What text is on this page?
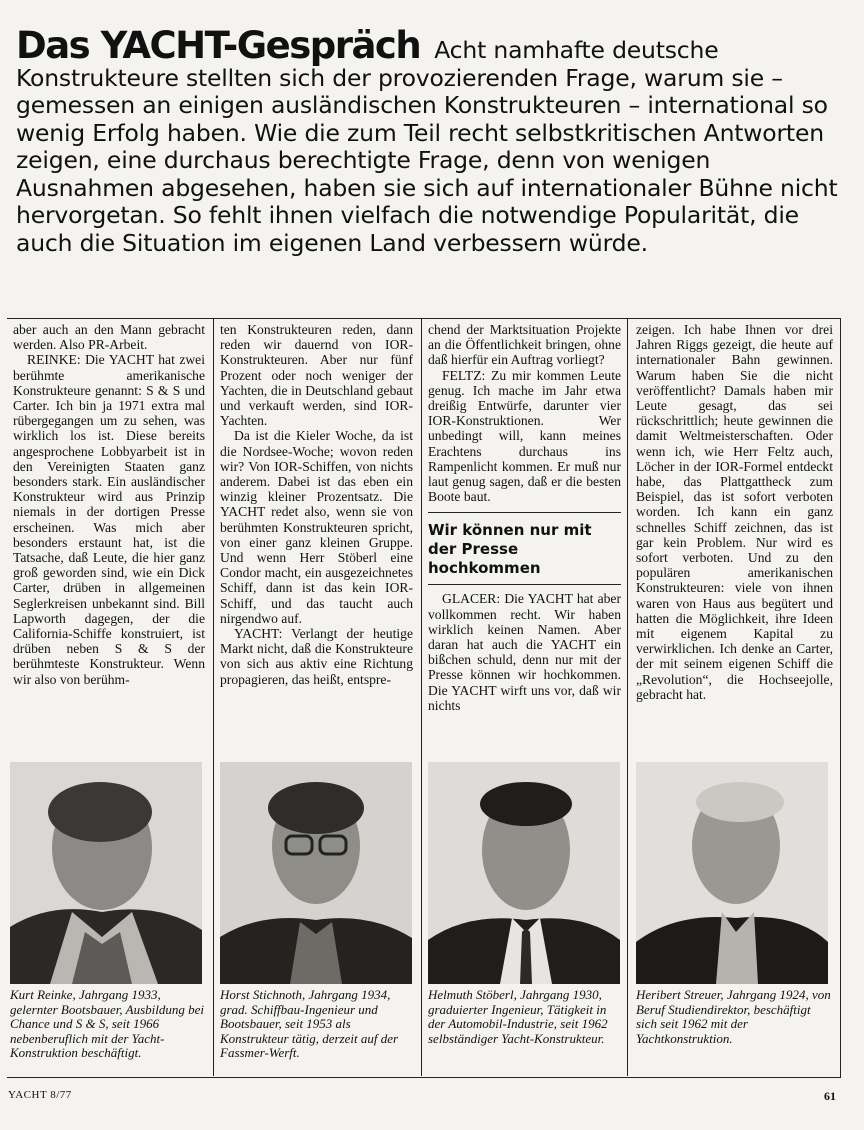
Das YACHT-Gespräch Acht namhafte deutsche Konstrukteure stellten sich der provozierenden Frage, warum sie – gemessen an einigen ausländischen Konstrukteuren – international so wenig Erfolg haben. Wie die zum Teil recht selbstkritischen Antworten zeigen, eine durchaus berechtigte Frage, denn von wenigen Ausnahmen abgesehen, haben sie sich auf internationaler Bühne nicht hervorgetan. So fehlt ihnen vielfach die notwendige Popularität, die auch die Situation im eigenen Land verbessern würde.

aber auch an den Mann gebracht werden. Also PR-Arbeit.

REINKE: Die YACHT hat zwei berühmte amerikanische Konstrukteure genannt: S & S und Carter. Ich bin ja 1971 extra mal rübergegangen um zu sehen, was wirklich los ist. Diese bereits angesprochene Lobbyarbeit ist in den Vereinigten Staaten ganz besonders stark. Ein ausländischer Konstrukteur wird aus Prinzip niemals in der dortigen Presse erscheinen. Was mich aber besonders erstaunt hat, ist die Tatsache, daß Leute, die hier ganz groß geworden sind, wie ein Dick Carter, drüben in allgemeinen Seglerkreisen unbekannt sind. Bill Lapworth dagegen, der die California-Schiffe konstruiert, ist drüben neben S & S der berühmteste Konstrukteur. Wenn wir also von berühm-

ten Konstrukteuren reden, dann reden wir dauernd von IOR-Konstrukteuren. Aber nur fünf Prozent oder noch weniger der Yachten, die in Deutschland gebaut und verkauft werden, sind IOR-Yachten.

Da ist die Kieler Woche, da ist die Nordsee-Woche; wovon reden wir? Von IOR-Schiffen, von nichts anderem. Dabei ist das eben ein winzig kleiner Prozentsatz. Die YACHT redet also, wenn sie von berühmten Konstrukteuren spricht, von einer ganz kleinen Gruppe. Und wenn Herr Stöberl eine Condor macht, ein ausgezeichnetes Schiff, dann ist das kein IOR-Schiff, und das taucht auch nirgendwo auf.

YACHT: Verlangt der heutige Markt nicht, daß die Konstrukteure von sich aus aktiv eine Richtung propagieren, das heißt, entspre-

chend der Marktsituation Projekte an die Öffentlichkeit bringen, ohne daß hierfür ein Auftrag vorliegt?

FELTZ: Zu mir kommen Leute genug. Ich mache im Jahr etwa dreißig Entwürfe, darunter vier IOR-Konstruktionen. Wer unbedingt will, kann meines Erachtens durchaus ins Rampenlicht kommen. Er muß nur laut genug sagen, daß er die besten Boote baut.

Wir können nur mit der Presse hochkommen

GLACER: Die YACHT hat aber vollkommen recht. Wir haben wirklich keinen Namen. Aber daran hat auch die YACHT ein bißchen schuld, denn nur mit der Presse können wir hochkommen. Die YACHT wirft uns vor, daß wir nichts

zeigen. Ich habe Ihnen vor drei Jahren Riggs gezeigt, die heute auf internationaler Bahn gewinnen. Warum haben Sie die nicht veröffentlicht? Damals haben mir Leute gesagt, das sei rückschrittlich; heute gewinnen die damit Weltmeisterschaften. Oder wenn ich, wie Herr Feltz auch, Löcher in der IOR-Formel entdeckt habe, das Plattgattheck zum Beispiel, das ist sofort verboten worden. Ich kann ein ganz schnelles Schiff zeichnen, das ist gar kein Problem. Nur wird es sofort verboten. Und zu den populären amerikanischen Konstrukteuren: viele von ihnen waren von Haus aus begütert und hatten die Möglichkeit, ihre Ideen mit eigenem Kapital zu verwirklichen. Ich denke an Carter, der mit seinem eigenen Schiff die „Revolution“, die Hochseejolle, gebracht hat.

Kurt Reinke, Jahrgang 1933, gelernter Bootsbauer, Ausbildung bei Chance und S & S, seit 1966 nebenberuflich mit der Yacht-Konstruktion beschäftigt.
Horst Stichnoth, Jahrgang 1934, grad. Schiffbau-Ingenieur und Bootsbauer, seit 1953 als Konstrukteur tätig, derzeit auf der Fassmer-Werft.
Helmuth Stöberl, Jahrgang 1930, graduierter Ingenieur, Tätigkeit in der Automobil-Industrie, seit 1962 selbständiger Yacht-Konstrukteur.
Heribert Streuer, Jahrgang 1924, von Beruf Studiendirektor, beschäftigt sich seit 1962 mit der Yachtkonstruktion.
YACHT 8/77	61
